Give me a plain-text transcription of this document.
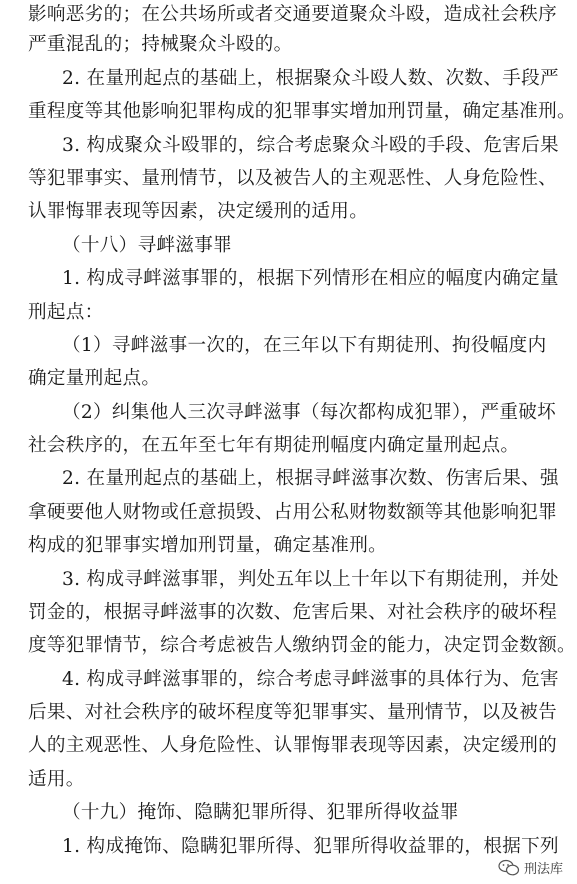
影响恶劣的；在公共场所或者交通要道聚众斗殴，造成社会秩序
严重混乱的；持械聚众斗殴的。
2. 在量刑起点的基础上，根据聚众斗殴人数、次数、手段严
重程度等其他影响犯罪构成的犯罪事实增加刑罚量，确定基准刑。
3. 构成聚众斗殴罪的，综合考虑聚众斗殴的手段、危害后果
等犯罪事实、量刑情节，以及被告人的主观恶性、人身危险性、
认罪悔罪表现等因素，决定缓刑的适用。
（十八）寻衅滋事罪
1. 构成寻衅滋事罪的，根据下列情形在相应的幅度内确定量
刑起点：
（1）寻衅滋事一次的，在三年以下有期徒刑、拘役幅度内
确定量刑起点。
（2）纠集他人三次寻衅滋事（每次都构成犯罪），严重破坏
社会秩序的，在五年至七年有期徒刑幅度内确定量刑起点。
2. 在量刑起点的基础上，根据寻衅滋事次数、伤害后果、强
拿硬要他人财物或任意损毁、占用公私财物数额等其他影响犯罪
构成的犯罪事实增加刑罚量，确定基准刑。
3. 构成寻衅滋事罪，判处五年以上十年以下有期徒刑，并处
罚金的，根据寻衅滋事的次数、危害后果、对社会秩序的破坏程
度等犯罪情节，综合考虑被告人缴纳罚金的能力，决定罚金数额。
4. 构成寻衅滋事罪的，综合考虑寻衅滋事的具体行为、危害
后果、对社会秩序的破坏程度等犯罪事实、量刑情节，以及被告
人的主观恶性、人身危险性、认罪悔罪表现等因素，决定缓刑的
适用。
（十九）掩饰、隐瞒犯罪所得、犯罪所得收益罪
1. 构成掩饰、隐瞒犯罪所得、犯罪所得收益罪的，根据下列
刑法库
